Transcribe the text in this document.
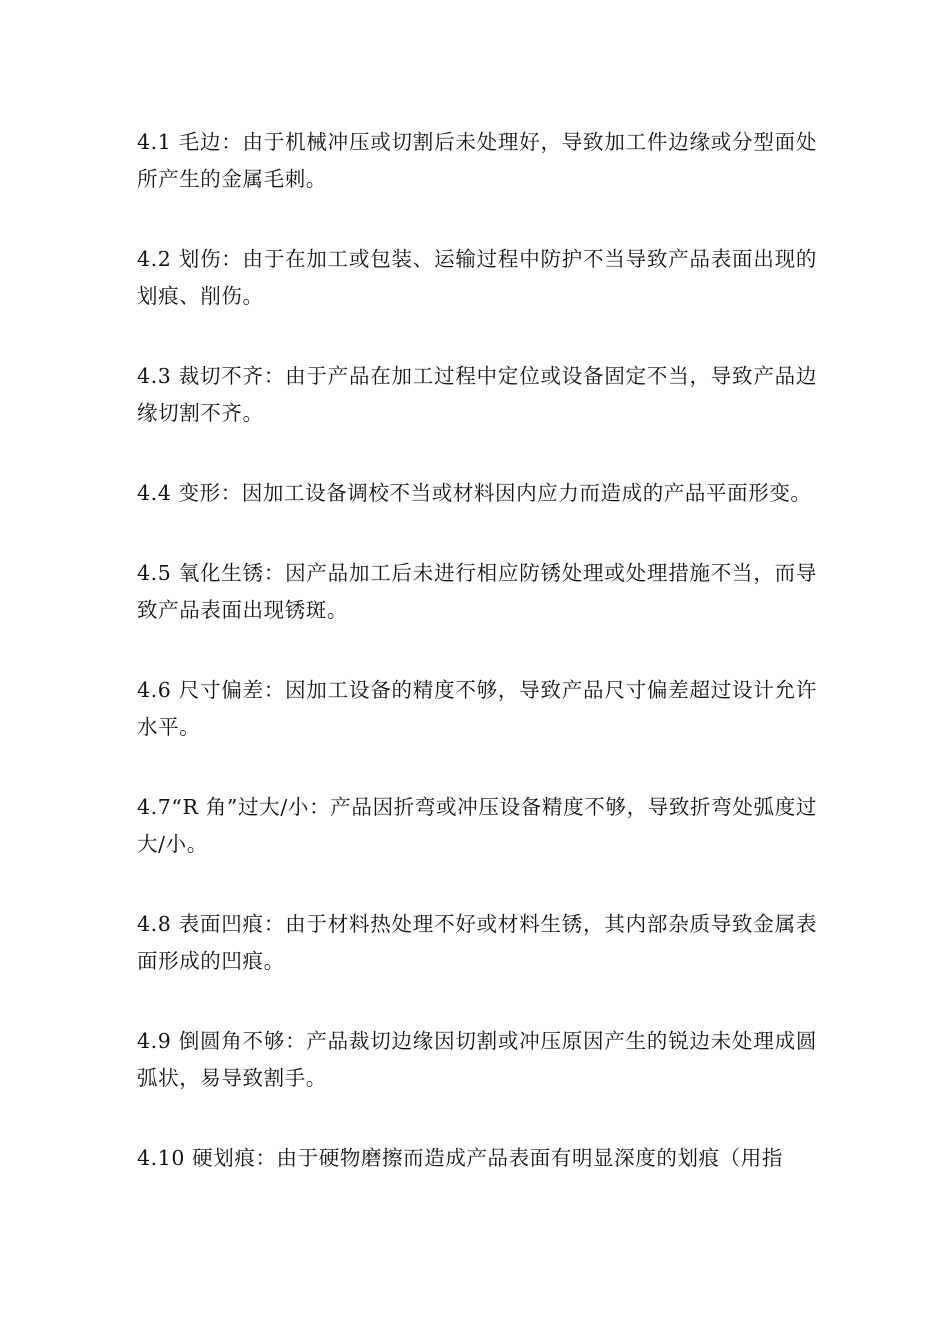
4.1 毛边：由于机械冲压或切割后未处理好，导致加工件边缘或分型面处所产生的金属毛刺。

4.2 划伤：由于在加工或包装、运输过程中防护不当导致产品表面出现的划痕、削伤。

4.3 裁切不齐：由于产品在加工过程中定位或设备固定不当，导致产品边缘切割不齐。

4.4 变形：因加工设备调校不当或材料因内应力而造成的产品平面形变。

4.5 氧化生锈：因产品加工后未进行相应防锈处理或处理措施不当，而导致产品表面出现锈斑。

4.6 尺寸偏差：因加工设备的精度不够，导致产品尺寸偏差超过设计允许水平。

4.7“R 角”过大/小：产品因折弯或冲压设备精度不够，导致折弯处弧度过大/小。

4.8 表面凹痕：由于材料热处理不好或材料生锈，其内部杂质导致金属表面形成的凹痕。

4.9 倒圆角不够：产品裁切边缘因切割或冲压原因产生的锐边未处理成圆弧状，易导致割手。

4.10 硬划痕：由于硬物磨擦而造成产品表面有明显深度的划痕（用指
